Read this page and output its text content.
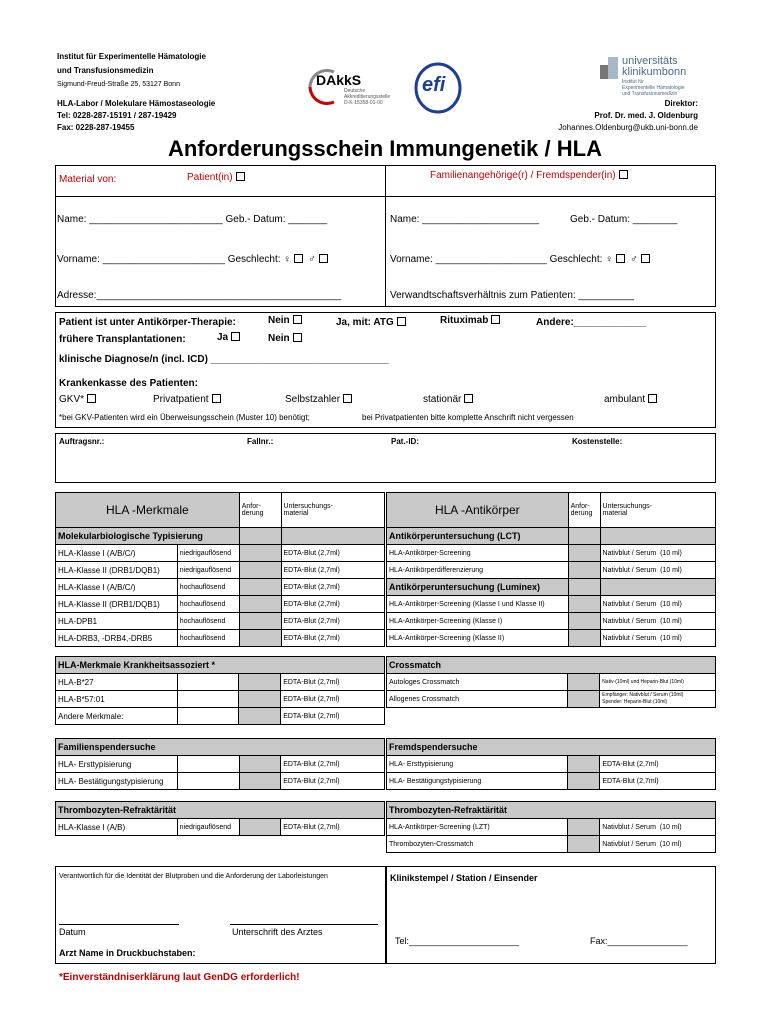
Institut für Experimentelle Hämatologie
und Transfusionsmedizin
Sigmund-Freud-Straße 25, 53127 Bonn
HLA-Labor / Molekulare Hämostaseologie
Tel: 0228-287-15191 / 287-19429
Fax: 0228-287-19455
Direktor:
Prof. Dr. med. J. Oldenburg
Johannes.Oldenburg@ukb.uni-bonn.de
DAkkS
Deutsche
Akkreditierungsstelle
D-K-15358-01-00
efi
universitäts
klinikumbonn
Institut für
Experimentelle Hämatologie
und Transfusionsmedizin
Anforderungsschein Immungenetik / HLA
Material von:	Patient(in)	Familienangehörige(r) / Fremdspender(in)
Name: ________________________ Geb.- Datum: _______
Vorname: ______________________ Geschlecht: ♀ ♂
Adresse:____________________________________________
Name: _____________________	Geb.- Datum: ________
Vorname: ____________________ Geschlecht: ♀ ♂
Verwandtschaftsverhältnis zum Patienten: __________
Patient ist unter Antikörper-Therapie:	Nein	Ja, mit: ATG	Rituximab	Andere:_____________
frühere Transplantationen:	Ja	Nein
klinische Diagnose/n (incl. ICD) ________________________________
Krankenkasse des Patienten:
GKV*	Privatpatient	Selbstzahler	stationär	ambulant
*bei GKV-Patienten wird ein Überweisungsschein (Muster 10) benötigt;	bei Privatpatienten bitte komplette Anschrift nicht vergessen
Auftragsnr.:	Fallnr.:	Pat.-ID:	Kostenstelle:
HLA -Merkmale		Anfor-
derung	Untersuchungs-
material
Molekularbiologische Typisierung			
HLA-Klasse I (A/B/C/)	niedrigauflösend		EDTA-Blut (2,7ml)
HLA-Klasse II (DRB1/DQB1)	niedrigauflösend		EDTA-Blut (2,7ml)
HLA-Klasse I (A/B/C/)	hochauflösend		EDTA-Blut (2,7ml)
HLA-Klasse II (DRB1/DQB1)	hochauflösend		EDTA-Blut (2,7ml)
HLA-DPB1	hochauflösend		EDTA-Blut (2,7ml)
HLA-DRB3, -DRB4,-DRB5	hochauflösend		EDTA-Blut (2,7ml)
HLA-Merkmale Krankheitsassoziert *			
HLA-B*27			EDTA-Blut (2,7ml)
HLA-B*57:01			EDTA-Blut (2,7ml)
Andere Merkmale:			EDTA-Blut (2,7ml)
Familienspendersuche			
HLA- Ersttypisierung			EDTA-Blut (2,7ml)
HLA- Bestätigungstypisierung			EDTA-Blut (2,7ml)
Thrombozyten-Refraktärität
HLA-Klasse I (A/B)	niedrigauflösend		EDTA-Blut (2,7ml)
HLA -Antikörper	Anfor-
derung	Untersuchungs-
material
Antikörperuntersuchung (LCT)		
HLA-Antikörper-Screening		Nativblut / Serum  (10 ml)
HLA-Antikörperdifferenzierung		Nativblut / Serum  (10 ml)
Antikörperuntersuchung (Luminex)		
HLA-Antikörper-Screening (Klasse I und Klasse II)		Nativblut / Serum  (10 ml)
HLA-Antikörper-Screening (Klasse I)		Nativblut / Serum  (10 ml)
HLA-Antikörper-Screening (Klasse II)		Nativblut / Serum  (10 ml)
Crossmatch		
Autologes Crossmatch		Nativ-(10ml) und Heparin-Blut (10ml)
Allogenes Crossmatch		Empfänger: Nativblut / Serum (10ml)
Spender: Heparin-Blut (10ml)
Fremdspendersuche		
HLA- Ersttypisierung		EDTA-Blut (2,7ml)
HLA- Bestätigungstypisierung		EDTA-Blut (2,7ml)
Thrombozyten-Refraktärität		
HLA-Antikörper-Screening (LZT)		Nativblut / Serum  (10 ml)
Thrombozyten-Crossmatch		Nativblut / Serum  (10 ml)
Verantwortlich für die Identität der Blutproben und die Anforderung der Laborleistungen
Datum	Unterschrift des Arztes
Arzt Name in Druckbuchstaben:
Klinikstempel / Station / Einsender
Tel:______________________	Fax:________________
*Einverständniserklärung laut GenDG erforderlich!
